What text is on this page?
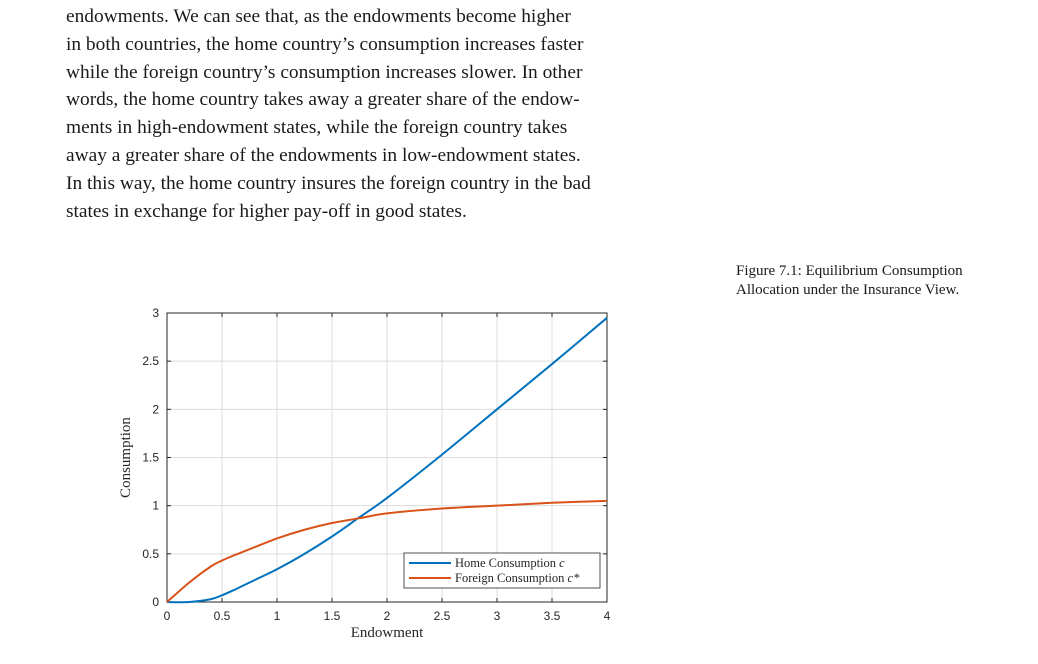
endowments. We can see that, as the endowments become higher
in both countries, the home country’s consumption increases faster
while the foreign country’s consumption increases slower. In other
words, the home country takes away a greater share of the endow-
ments in high-endowment states, while the foreign country takes
away a greater share of the endowments in low-endowment states.
In this way, the home country insures the foreign country in the bad
states in exchange for higher pay-off in good states.

Figure 7.1: Equilibrium Consumption
Allocation under the Insurance View.
0	0.5	1	1.5	2	2.5	3	3.5	4
0
0.5
1
1.5
2
2.5
3
Endowment
Consumption
Home Consumption c
Foreign Consumption c*
